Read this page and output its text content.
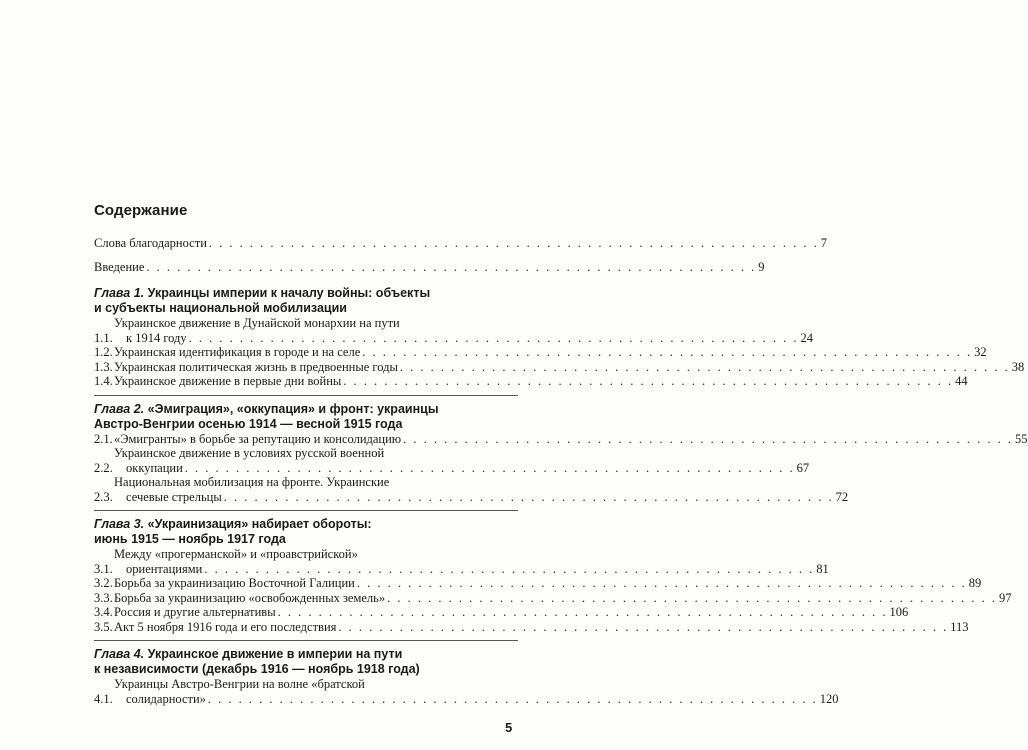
Содержание
Слова благодарности . . . . . . . . . . . . . . . . . . . . . . . . . . . . . . . . . . . . . . . . . . . . . . . . . . . . . . . . . . . . 7
Введение . . . . . . . . . . . . . . . . . . . . . . . . . . . . . . . . . . . . . . . . . . . . . . . . . . . . . . . . . . . . 9
Глава 1. Украинцы империи к началу войны: объекты
и субъекты национальной мобилизации
1.1.
Украинское движение в Дунайской монархии на пути
к 1914 году . . . . . . . . . . . . . . . . . . . . . . . . . . . . . . . . . . . . . . . . . . . . . . . . . . . . . . . . . . . . 24
1.2. Украинская идентификация в городе и на селе . . . . . . . . . . . . . . . . . . . . . . . . . . . . . . . . . . . . . . . . . . . . . . . . . . . . . . . . . . . . 32
1.3. Украинская политическая жизнь в предвоенные годы . . . . . . . . . . . . . . . . . . . . . . . . . . . . . . . . . . . . . . . . . . . . . . . . . . . . . . . . . . . . 38
1.4. Украинское движение в первые дни войны . . . . . . . . . . . . . . . . . . . . . . . . . . . . . . . . . . . . . . . . . . . . . . . . . . . . . . . . . . . . 44
Глава 2. «Эмиграция», «оккупация» и фронт: украинцы
Австро-Венгрии осенью 1914 — весной 1915 года
2.1. «Эмигранты» в борьбе за репутацию и консолидацию . . . . . . . . . . . . . . . . . . . . . . . . . . . . . . . . . . . . . . . . . . . . . . . . . . . . . . . . . . . . 55
2.2.
Украинское движение в условиях русской военной
оккупации . . . . . . . . . . . . . . . . . . . . . . . . . . . . . . . . . . . . . . . . . . . . . . . . . . . . . . . . . . . . 67
2.3.
Национальная мобилизация на фронте. Украинские
сечевые стрельцы . . . . . . . . . . . . . . . . . . . . . . . . . . . . . . . . . . . . . . . . . . . . . . . . . . . . . . . . . . . . 72
Глава 3. «Украинизация» набирает обороты:
июнь 1915 — ноябрь 1917 года
3.1.
Между «прогерманской» и «проавстрийской»
ориентациями . . . . . . . . . . . . . . . . . . . . . . . . . . . . . . . . . . . . . . . . . . . . . . . . . . . . . . . . . . . . 81
3.2. Борьба за украинизацию Восточной Галиции . . . . . . . . . . . . . . . . . . . . . . . . . . . . . . . . . . . . . . . . . . . . . . . . . . . . . . . . . . . . 89
3.3. Борьба за украинизацию «освобожденных земель» . . . . . . . . . . . . . . . . . . . . . . . . . . . . . . . . . . . . . . . . . . . . . . . . . . . . . . . . . . . . 97
3.4. Россия и другие альтернативы . . . . . . . . . . . . . . . . . . . . . . . . . . . . . . . . . . . . . . . . . . . . . . . . . . . . . . . . . . . . 106
3.5. Акт 5 ноября 1916 года и его последствия . . . . . . . . . . . . . . . . . . . . . . . . . . . . . . . . . . . . . . . . . . . . . . . . . . . . . . . . . . . . 113
Глава 4. Украинское движение в империи на пути
к независимости (декабрь 1916 — ноябрь 1918 года)
4.1.
Украинцы Австро-Венгрии на волне «братской
солидарности» . . . . . . . . . . . . . . . . . . . . . . . . . . . . . . . . . . . . . . . . . . . . . . . . . . . . . . . . . . . . 120
5
